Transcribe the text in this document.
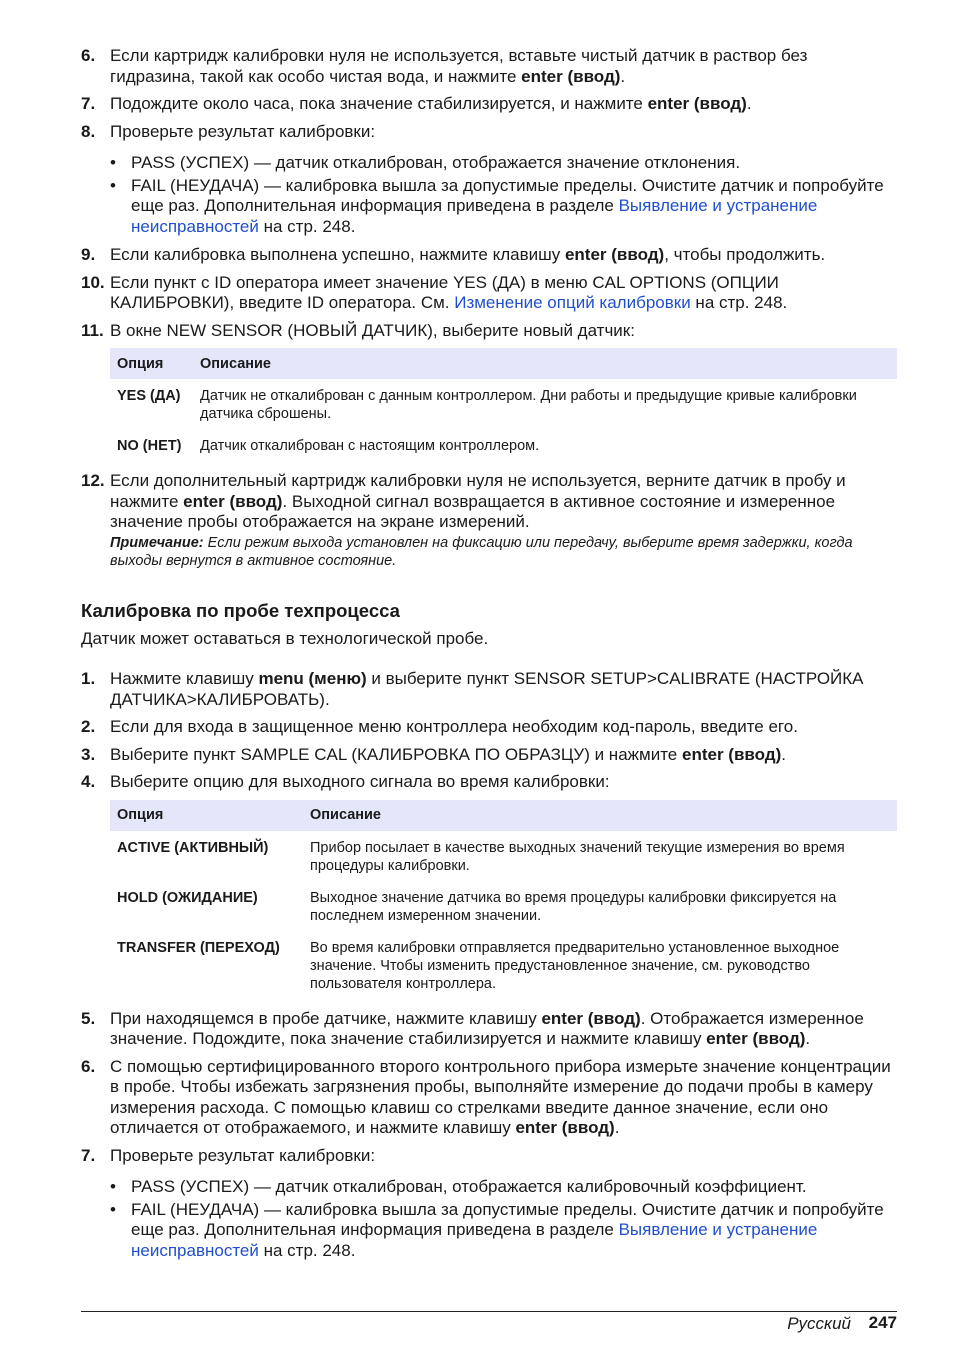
6. Если картридж калибровки нуля не используется, вставьте чистый датчик в раствор без гидразина, такой как особо чистая вода, и нажмите enter (ввод).
7. Подождите около часа, пока значение стабилизируется, и нажмите enter (ввод).
8. Проверьте результат калибровки:
• PASS (УСПЕХ) — датчик откалиброван, отображается значение отклонения.
• FAIL (НЕУДАЧА) — калибровка вышла за допустимые пределы. Очистите датчик и попробуйте еще раз. Дополнительная информация приведена в разделе Выявление и устранение неисправностей на стр. 248.
9. Если калибровка выполнена успешно, нажмите клавишу enter (ввод), чтобы продолжить.
10. Если пункт с ID оператора имеет значение YES (ДА) в меню CAL OPTIONS (ОПЦИИ КАЛИБРОВКИ), введите ID оператора. См. Изменение опций калибровки на стр. 248.
11. В окне NEW SENSOR (НОВЫЙ ДАТЧИК), выберите новый датчик:
Опция	Описание
YES (ДА)	Датчик не откалиброван с данным контроллером. Дни работы и предыдущие кривые калибровки датчика сброшены.
NO (НЕТ)	Датчик откалиброван с настоящим контроллером.
12. Если дополнительный картридж калибровки нуля не используется, верните датчик в пробу и нажмите enter (ввод). Выходной сигнал возвращается в активное состояние и измеренное значение пробы отображается на экране измерений.
Примечание: Если режим выхода установлен на фиксацию или передачу, выберите время задержки, когда выходы вернутся в активное состояние.
Калибровка по пробе техпроцесса
Датчик может оставаться в технологической пробе.
1. Нажмите клавишу menu (меню) и выберите пункт SENSOR SETUP>CALIBRATE (НАСТРОЙКА ДАТЧИКА>КАЛИБРОВАТЬ).
2. Если для входа в защищенное меню контроллера необходим код-пароль, введите его.
3. Выберите пункт SAMPLE CAL (КАЛИБРОВКА ПО ОБРАЗЦУ) и нажмите enter (ввод).
4. Выберите опцию для выходного сигнала во время калибровки:
Опция	Описание
ACTIVE (АКТИВНЫЙ)	Прибор посылает в качестве выходных значений текущие измерения во время процедуры калибровки.
HOLD (ОЖИДАНИЕ)	Выходное значение датчика во время процедуры калибровки фиксируется на последнем измеренном значении.
TRANSFER (ПЕРЕХОД)	Во время калибровки отправляется предварительно установленное выходное значение. Чтобы изменить предустановленное значение, см. руководство пользователя контроллера.
5. При находящемся в пробе датчике, нажмите клавишу enter (ввод). Отображается измеренное значение. Подождите, пока значение стабилизируется и нажмите клавишу enter (ввод).
6. С помощью сертифицированного второго контрольного прибора измерьте значение концентрации в пробе. Чтобы избежать загрязнения пробы, выполняйте измерение до подачи пробы в камеру измерения расхода. С помощью клавиш со стрелками введите данное значение, если оно отличается от отображаемого, и нажмите клавишу enter (ввод).
7. Проверьте результат калибровки:
• PASS (УСПЕХ) — датчик откалиброван, отображается калибровочный коэффициент.
• FAIL (НЕУДАЧА) — калибровка вышла за допустимые пределы. Очистите датчик и попробуйте еще раз. Дополнительная информация приведена в разделе Выявление и устранение неисправностей на стр. 248.
Русский 247
